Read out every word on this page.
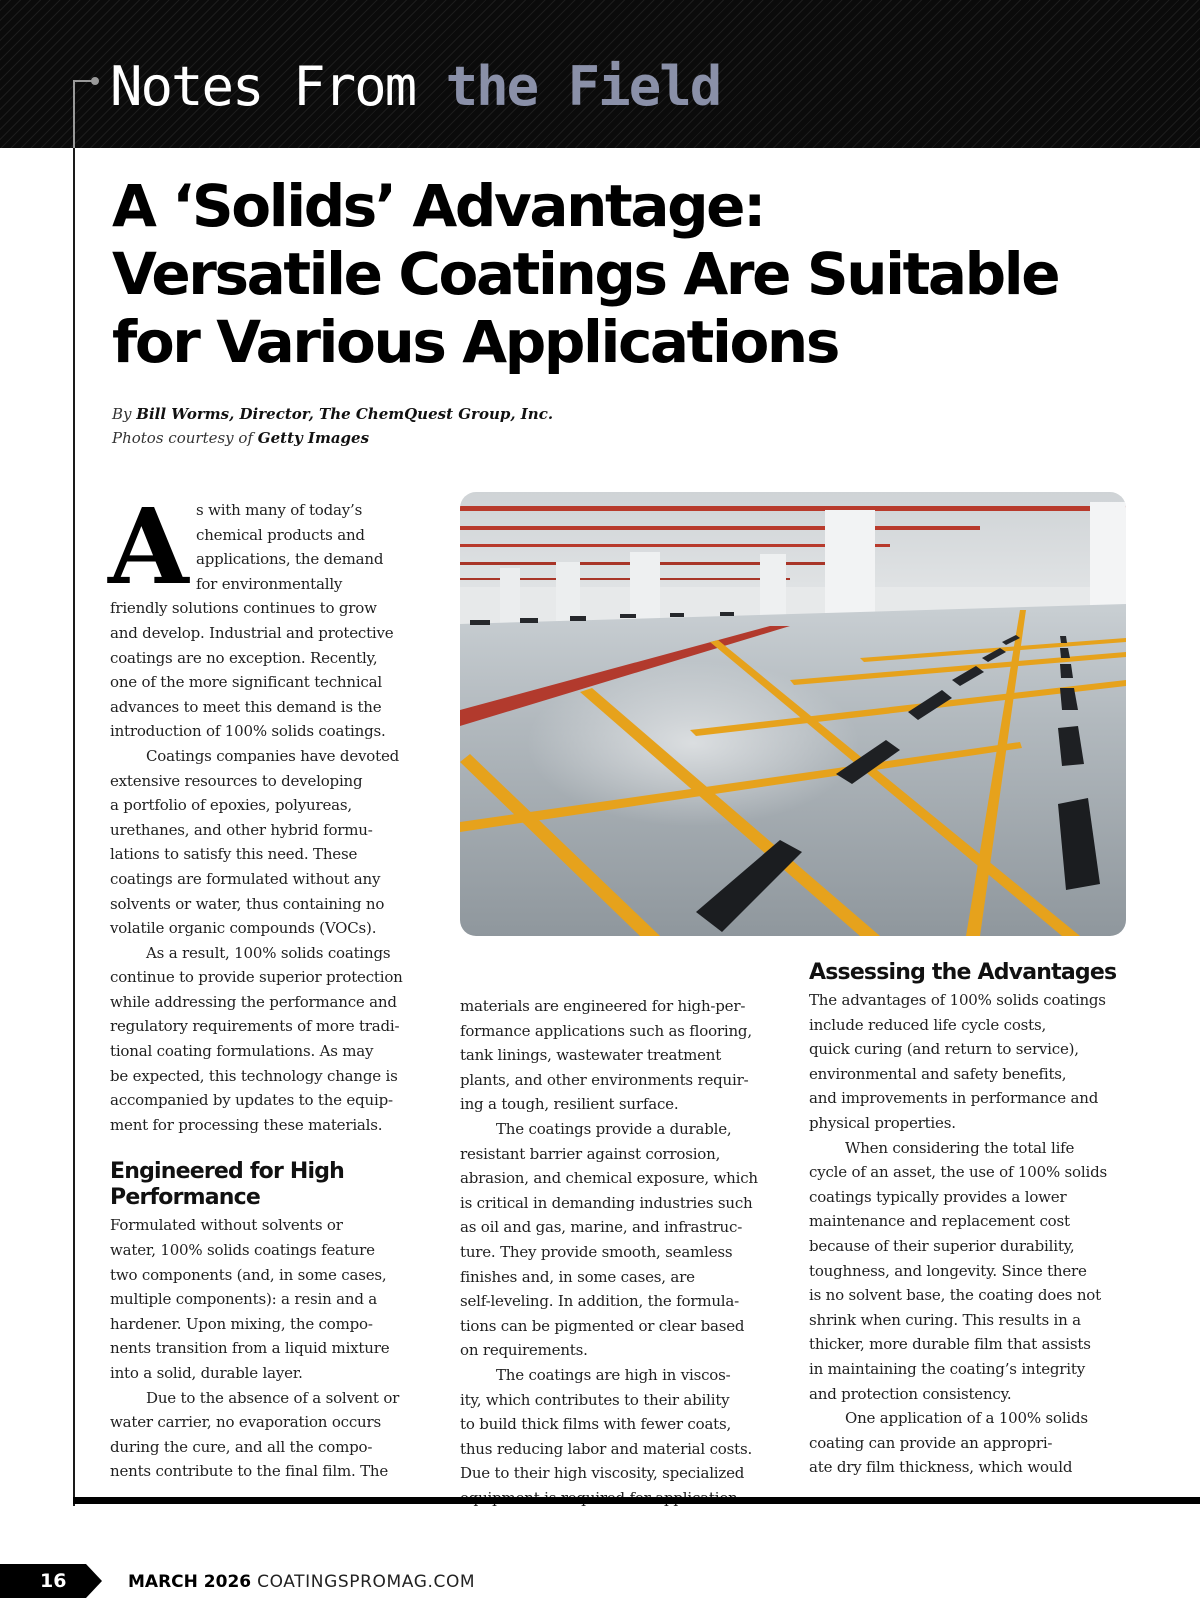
Notes From the Field
A ‘Solids’ Advantage:
Versatile Coatings Are Suitable
for Various Applications
By Bill Worms, Director, The ChemQuest Group, Inc.
Photos courtesy of Getty Images
A s with many of today’s
chemical products and
applications, the demand
for environmentally
friendly solutions continues to grow
and develop. Industrial and protective
coatings are no exception. Recently,
one of the more significant technical
advances to meet this demand is the
introduction of 100% solids coatings.

Coatings companies have devoted
extensive resources to developing
a portfolio of epoxies, polyureas,
urethanes, and other hybrid formu-
lations to satisfy this need. These
coatings are formulated without any
solvents or water, thus containing no
volatile organic compounds (VOCs).

As a result, 100% solids coatings
continue to provide superior protection
while addressing the performance and
regulatory requirements of more tradi-
tional coating formulations. As may
be expected, this technology change is
accompanied by updates to the equip-
ment for processing these materials.

Engineered for High
Performance

Formulated without solvents or
water, 100% solids coatings feature
two components (and, in some cases,
multiple components): a resin and a
hardener. Upon mixing, the compo-
nents transition from a liquid mixture
into a solid, durable layer.

Due to the absence of a solvent or
water carrier, no evaporation occurs
during the cure, and all the compo-
nents contribute to the final film. The

materials are engineered for high-per-
formance applications such as flooring,
tank linings, wastewater treatment
plants, and other environments requir-
ing a tough, resilient surface.

The coatings provide a durable,
resistant barrier against corrosion,
abrasion, and chemical exposure, which
is critical in demanding industries such
as oil and gas, marine, and infrastruc-
ture. They provide smooth, seamless
finishes and, in some cases, are
self-leveling. In addition, the formula-
tions can be pigmented or clear based
on requirements.

The coatings are high in viscos-
ity, which contributes to their ability
to build thick films with fewer coats,
thus reducing labor and material costs.
Due to their high viscosity, specialized

Assessing the Advantages

The advantages of 100% solids coatings
include reduced life cycle costs,
quick curing (and return to service),
environmental and safety benefits,
and improvements in performance and
physical properties.

When considering the total life
cycle of an asset, the use of 100% solids
coatings typically provides a lower
maintenance and replacement cost
because of their superior durability,
toughness, and longevity. Since there
is no solvent base, the coating does not
shrink when curing. This results in a
thicker, more durable film that assists
in maintaining the coating’s integrity
and protection consistency.

One application of a 100% solids
coating can provide an appropri-
ate dry film thickness, which would

16	MARCH 2026 COATINGSPROMAG.COM
